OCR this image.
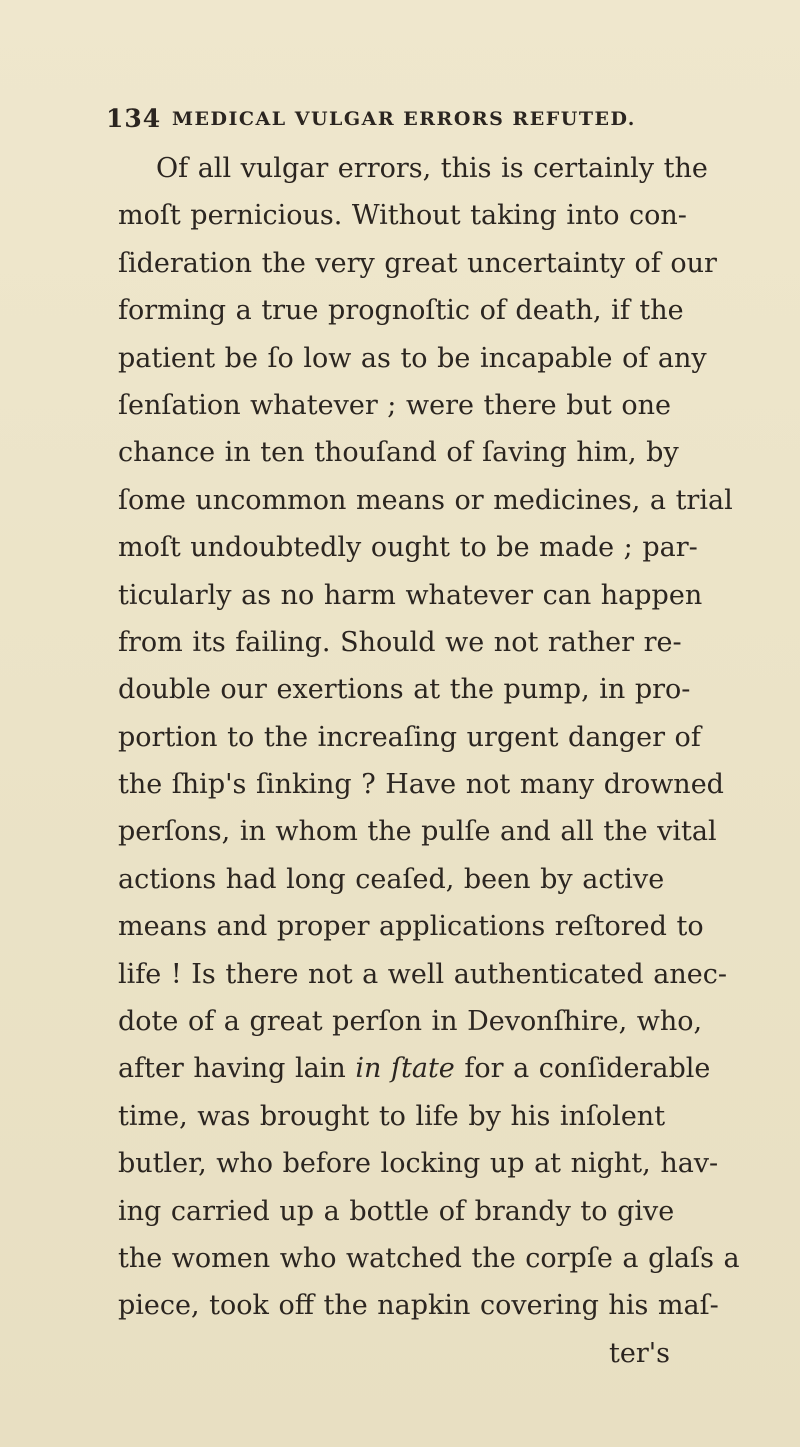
134 MEDICAL VULGAR ERRORS REFUTED.
Of all vulgar errors, this is certainly the
moſt pernicious. Without taking into con-
ſideration the very great uncertainty of our
forming a true prognoſtic of death, if the
patient be ſo low as to be incapable of any
ſenſation whatever ; were there but one
chance in ten thouſand of ſaving him, by
ſome uncommon means or medicines, a trial
moſt undoubtedly ought to be made ; par-
ticularly as no harm whatever can happen
from its failing. Should we not rather re-
double our exertions at the pump, in pro-
portion to the increaſing urgent danger of
the ſhip's ſinking ? Have not many drowned
perſons, in whom the pulſe and all the vital
actions had long ceaſed, been by active
means and proper applications reſtored to
life ! Is there not a well authenticated anec-
dote of a great perſon in Devonſhire, who,
after having lain in ſtate for a conſiderable
time, was brought to life by his inſolent
butler, who before locking up at night, hav-
ing carried up a bottle of brandy to give
the women who watched the corpſe a glaſs a
piece, took off the napkin covering his maſ-
ter's
